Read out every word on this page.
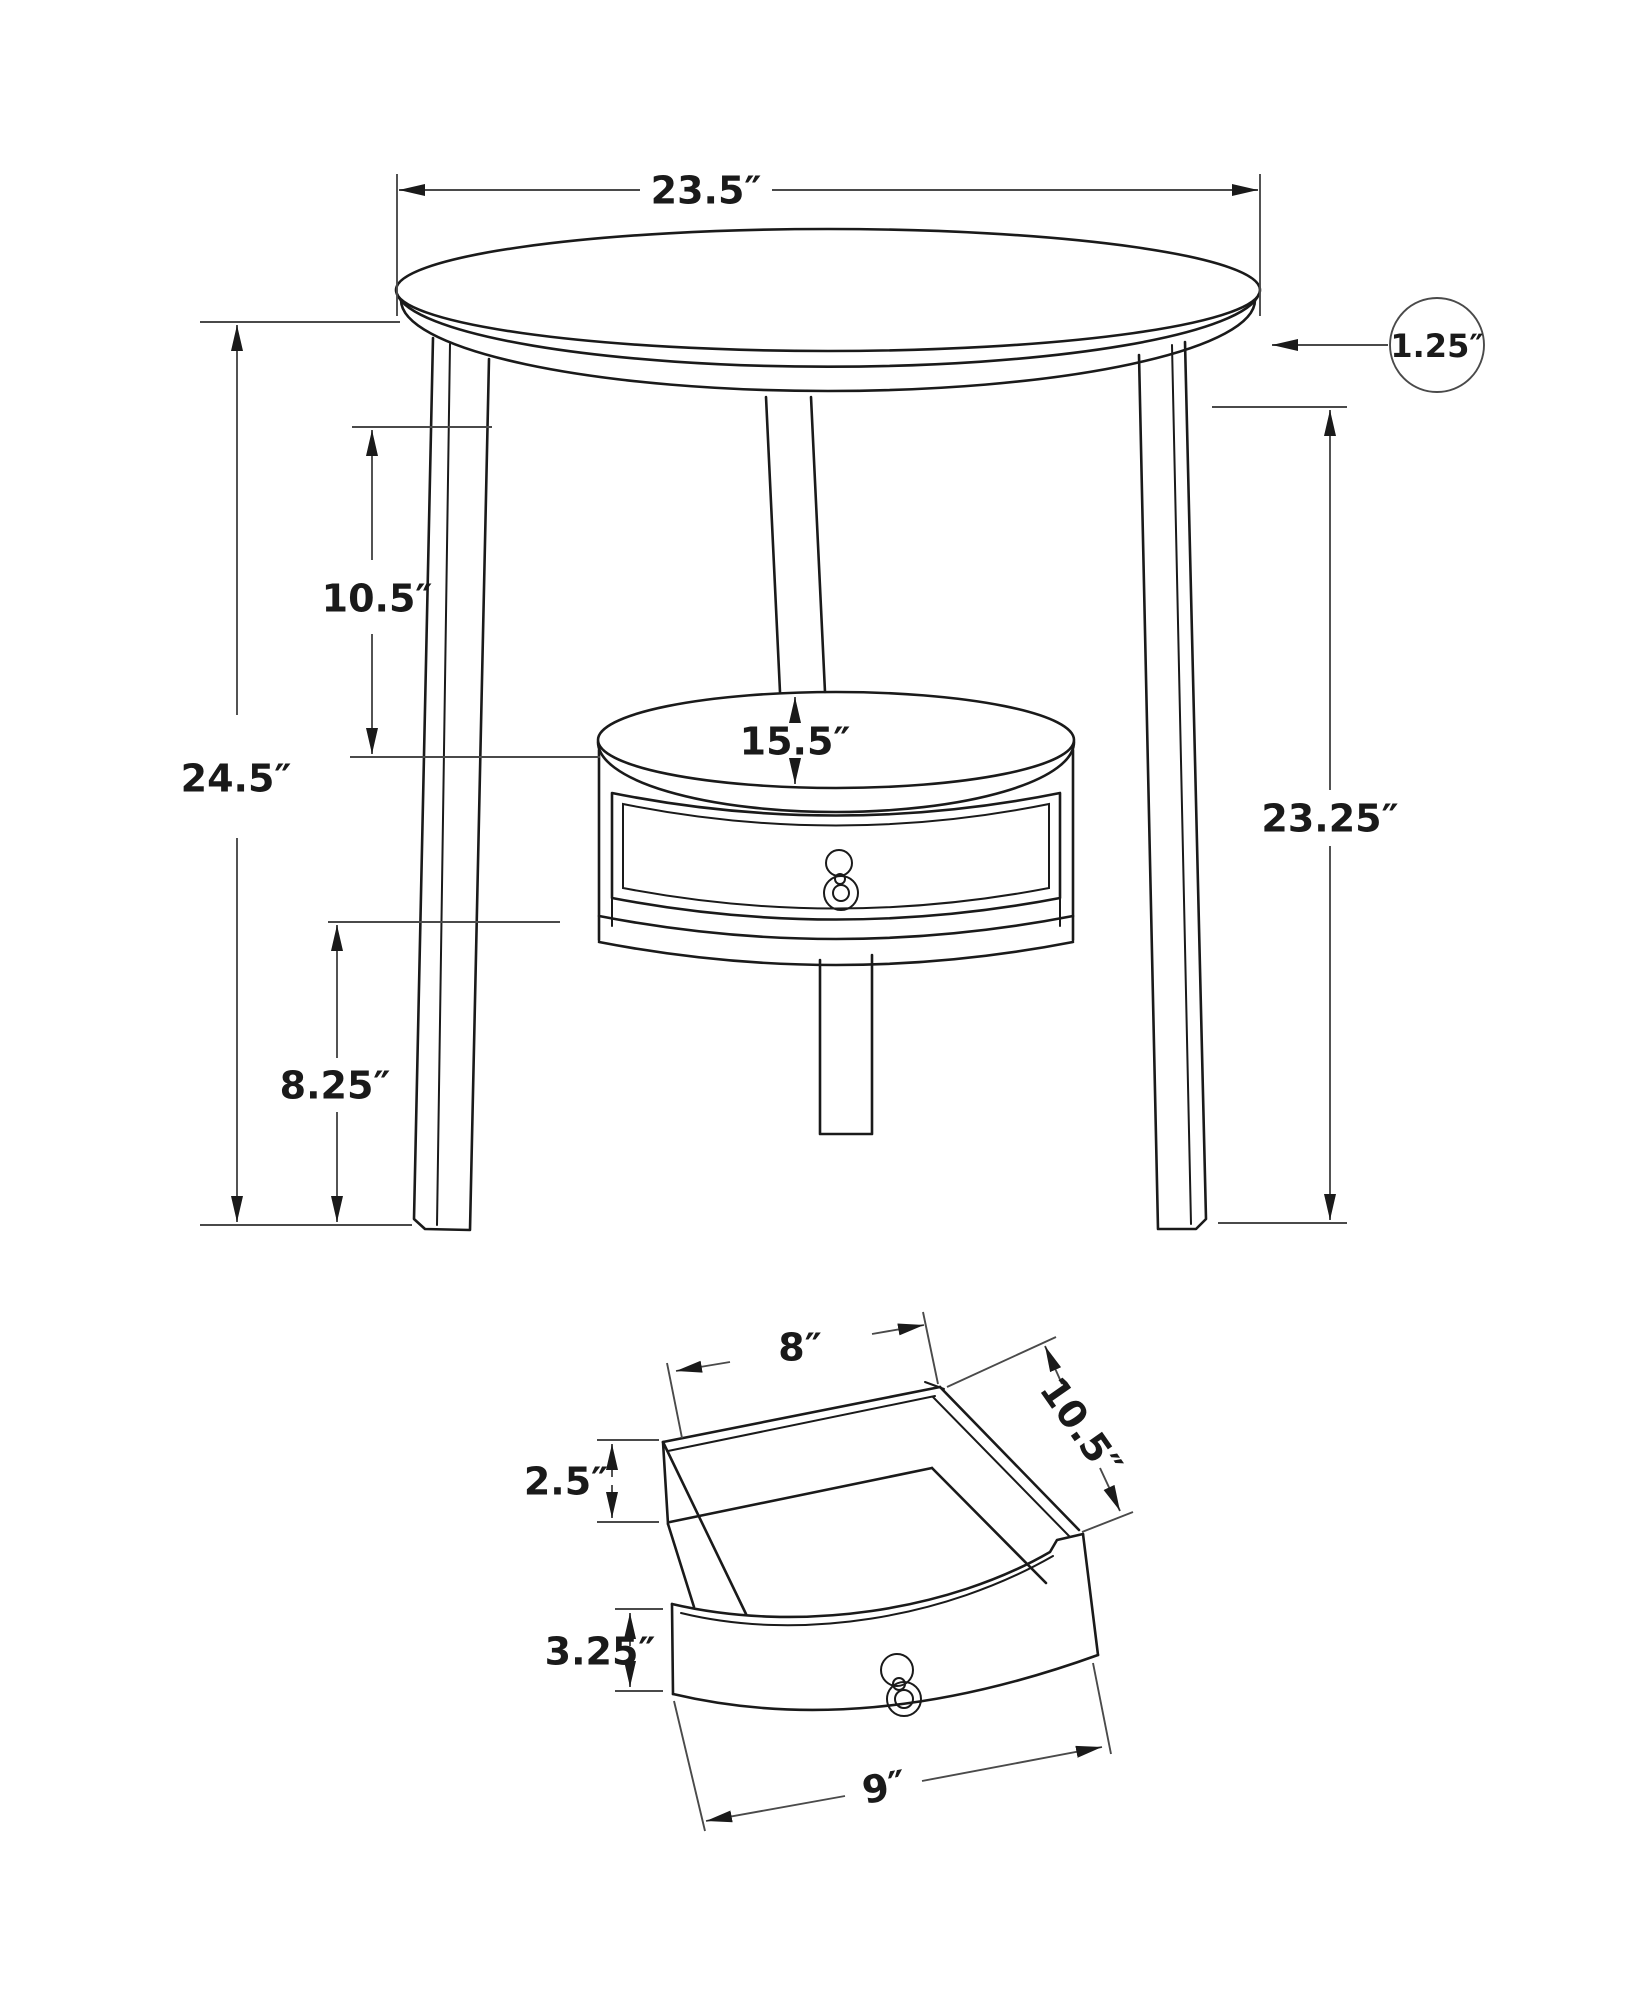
23.5″
1.25″
24.5″
10.5″
15.5″
23.25″
8.25″
8″
10.5″
2.5″
3.25″
9″
